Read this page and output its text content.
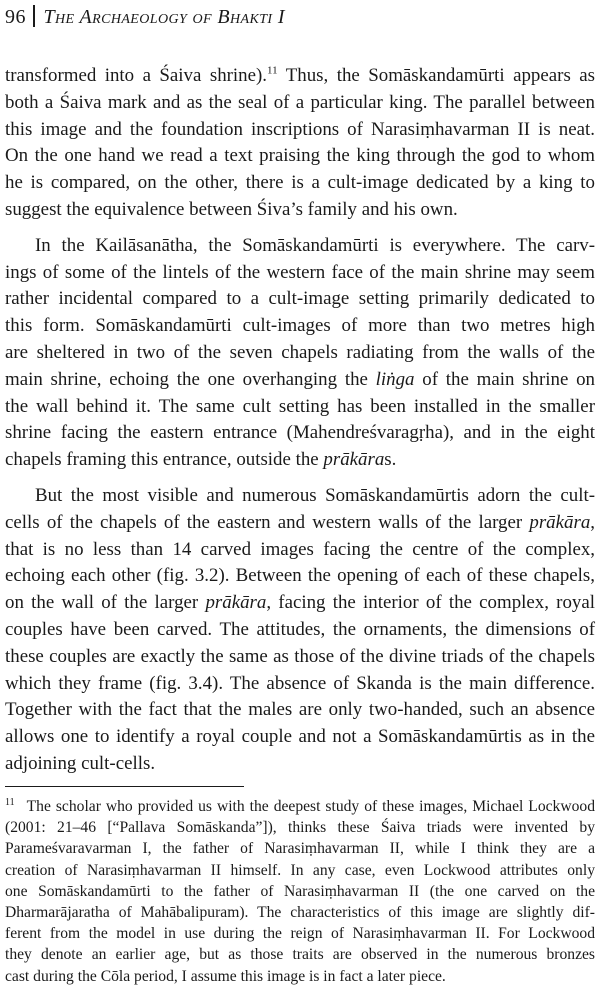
96 The Archaeology of Bhakti I

transformed into a Śaiva shrine).$^{11}$ Thus, the Somāskandamūrti appears as
both a Śaiva mark and as the seal of a particular king. The parallel between
this image and the foundation inscriptions of Narasiṃhavarman II is neat.
On the one hand we read a text praising the king through the god to whom
he is compared, on the other, there is a cult-image dedicated by a king to
suggest the equivalence between Śiva’s family and his own.

In the Kailāsanātha, the Somāskandamūrti is everywhere. The carv-
ings of some of the lintels of the western face of the main shrine may seem
rather incidental compared to a cult-image setting primarily dedicated to
this form. Somāskandamūrti cult-images of more than two metres high
are sheltered in two of the seven chapels radiating from the walls of the
main shrine, echoing the one overhanging the liṅga of the main shrine on
the wall behind it. The same cult setting has been installed in the smaller
shrine facing the eastern entrance (Mahendreśvaragṛha), and in the eight
chapels framing this entrance, outside the prākāras.

But the most visible and numerous Somāskandamūrtis adorn the cult-
cells of the chapels of the eastern and western walls of the larger prākāra,
that is no less than 14 carved images facing the centre of the complex,
echoing each other (fig. 3.2). Between the opening of each of these chapels,
on the wall of the larger prākāra, facing the interior of the complex, royal
couples have been carved. The attitudes, the ornaments, the dimensions of
these couples are exactly the same as those of the divine triads of the chapels
which they frame (fig. 3.4). The absence of Skanda is the main difference.
Together with the fact that the males are only two-handed, such an absence
allows one to identify a royal couple and not a Somāskandamūrtis as in the
adjoining cult-cells.

$^{11}$ The scholar who provided us with the deepest study of these images, Michael Lockwood
(2001: 21–46 [“Pallava Somāskanda”]), thinks these Śaiva triads were invented by
Parameśvaravarman I, the father of Narasiṃhavarman II, while I think they are a
creation of Narasiṃhavarman II himself. In any case, even Lockwood attributes only
one Somāskandamūrti to the father of Narasiṃhavarman II (the one carved on the
Dharmarājaratha of Mahābalipuram). The characteristics of this image are slightly dif-
ferent from the model in use during the reign of Narasiṃhavarman II. For Lockwood
they denote an earlier age, but as those traits are observed in the numerous bronzes
cast during the Cōla period, I assume this image is in fact a later piece.
